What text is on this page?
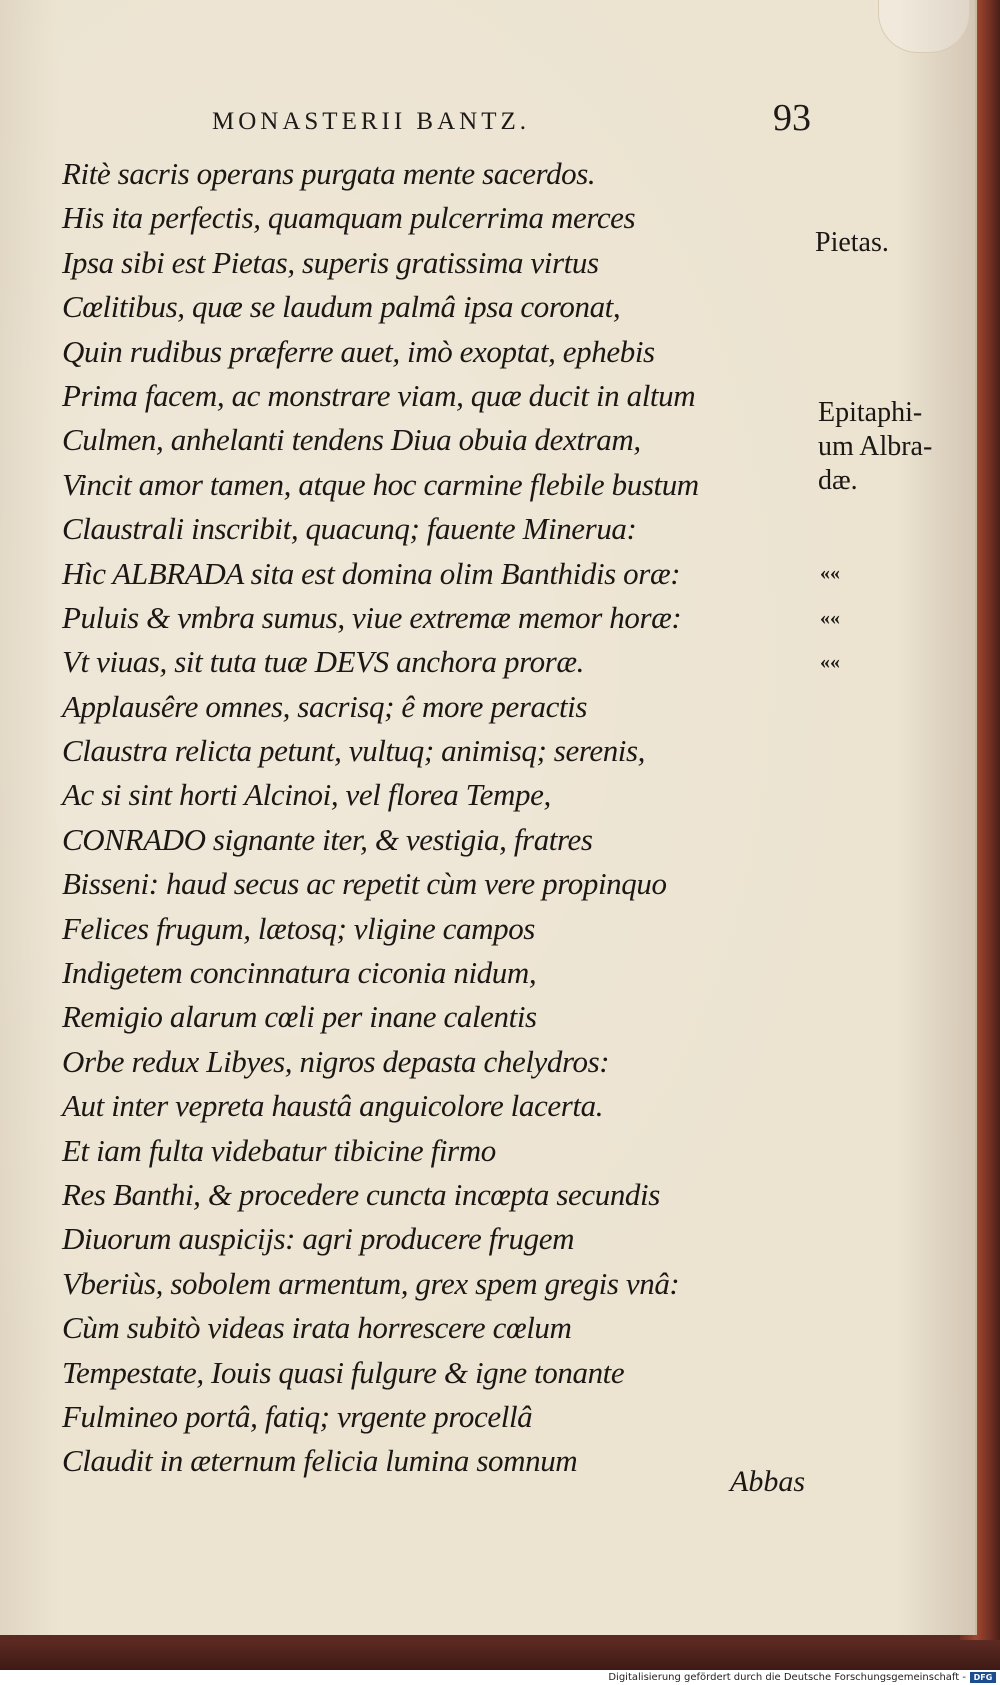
MONASTERII BANTZ.	93
Ritè sacris operans purgata mente sacerdos.
His ita perfectis, quamquam pulcerrima merces
Ipsa sibi est Pietas, superis gratissima virtus
Cœlitibus, quæ se laudum palmâ ipsa coronat,
Quin rudibus præferre auet, imò exoptat, ephebis
Prima facem, ac monstrare viam, quæ ducit in altum
Culmen, anhelanti tendens Diua obuia dextram,
Vincit amor tamen, atque hoc carmine flebile bustum
Claustrali inscribit, quacunq; fauente Minerua:
Hìc ALBRADA sita est domina olim Banthidis oræ:
Puluis & vmbra sumus, viue extremæ memor horæ:
Vt viuas, sit tuta tuæ DEVS anchora proræ.
Applausêre omnes, sacrisq; ê more peractis
Claustra relicta petunt, vultuq; animisq; serenis,
Ac si sint horti Alcinoi, vel florea Tempe,
CONRADO signante iter, & vestigia, fratres
Bisseni: haud secus ac repetit cùm vere propinquo
Felices frugum, lætosq; vligine campos
Indigetem concinnatura ciconia nidum,
Remigio alarum cœli per inane calentis
Orbe redux Libyes, nigros depasta chelydros:
Aut inter vepreta haustâ anguicolore lacerta.
Et iam fulta videbatur tibicine firmo
Res Banthi, & procedere cuncta incœpta secundis
Diuorum auspicijs: agri producere frugem
Vberiùs, sobolem armentum, grex spem gregis vnâ:
Cùm subitò videas irata horrescere cœlum
Tempestate, Iouis quasi fulgure & igne tonante
Fulmineo portâ, fatiq; vrgente procellâ
Claudit in æternum felicia lumina somnum
Pietas.
Epitaphi-
um Albra-
dæ.
««
««
««
Abbas
Digitalisierung gefördert durch die Deutsche Forschungsgemeinschaft - DFG
